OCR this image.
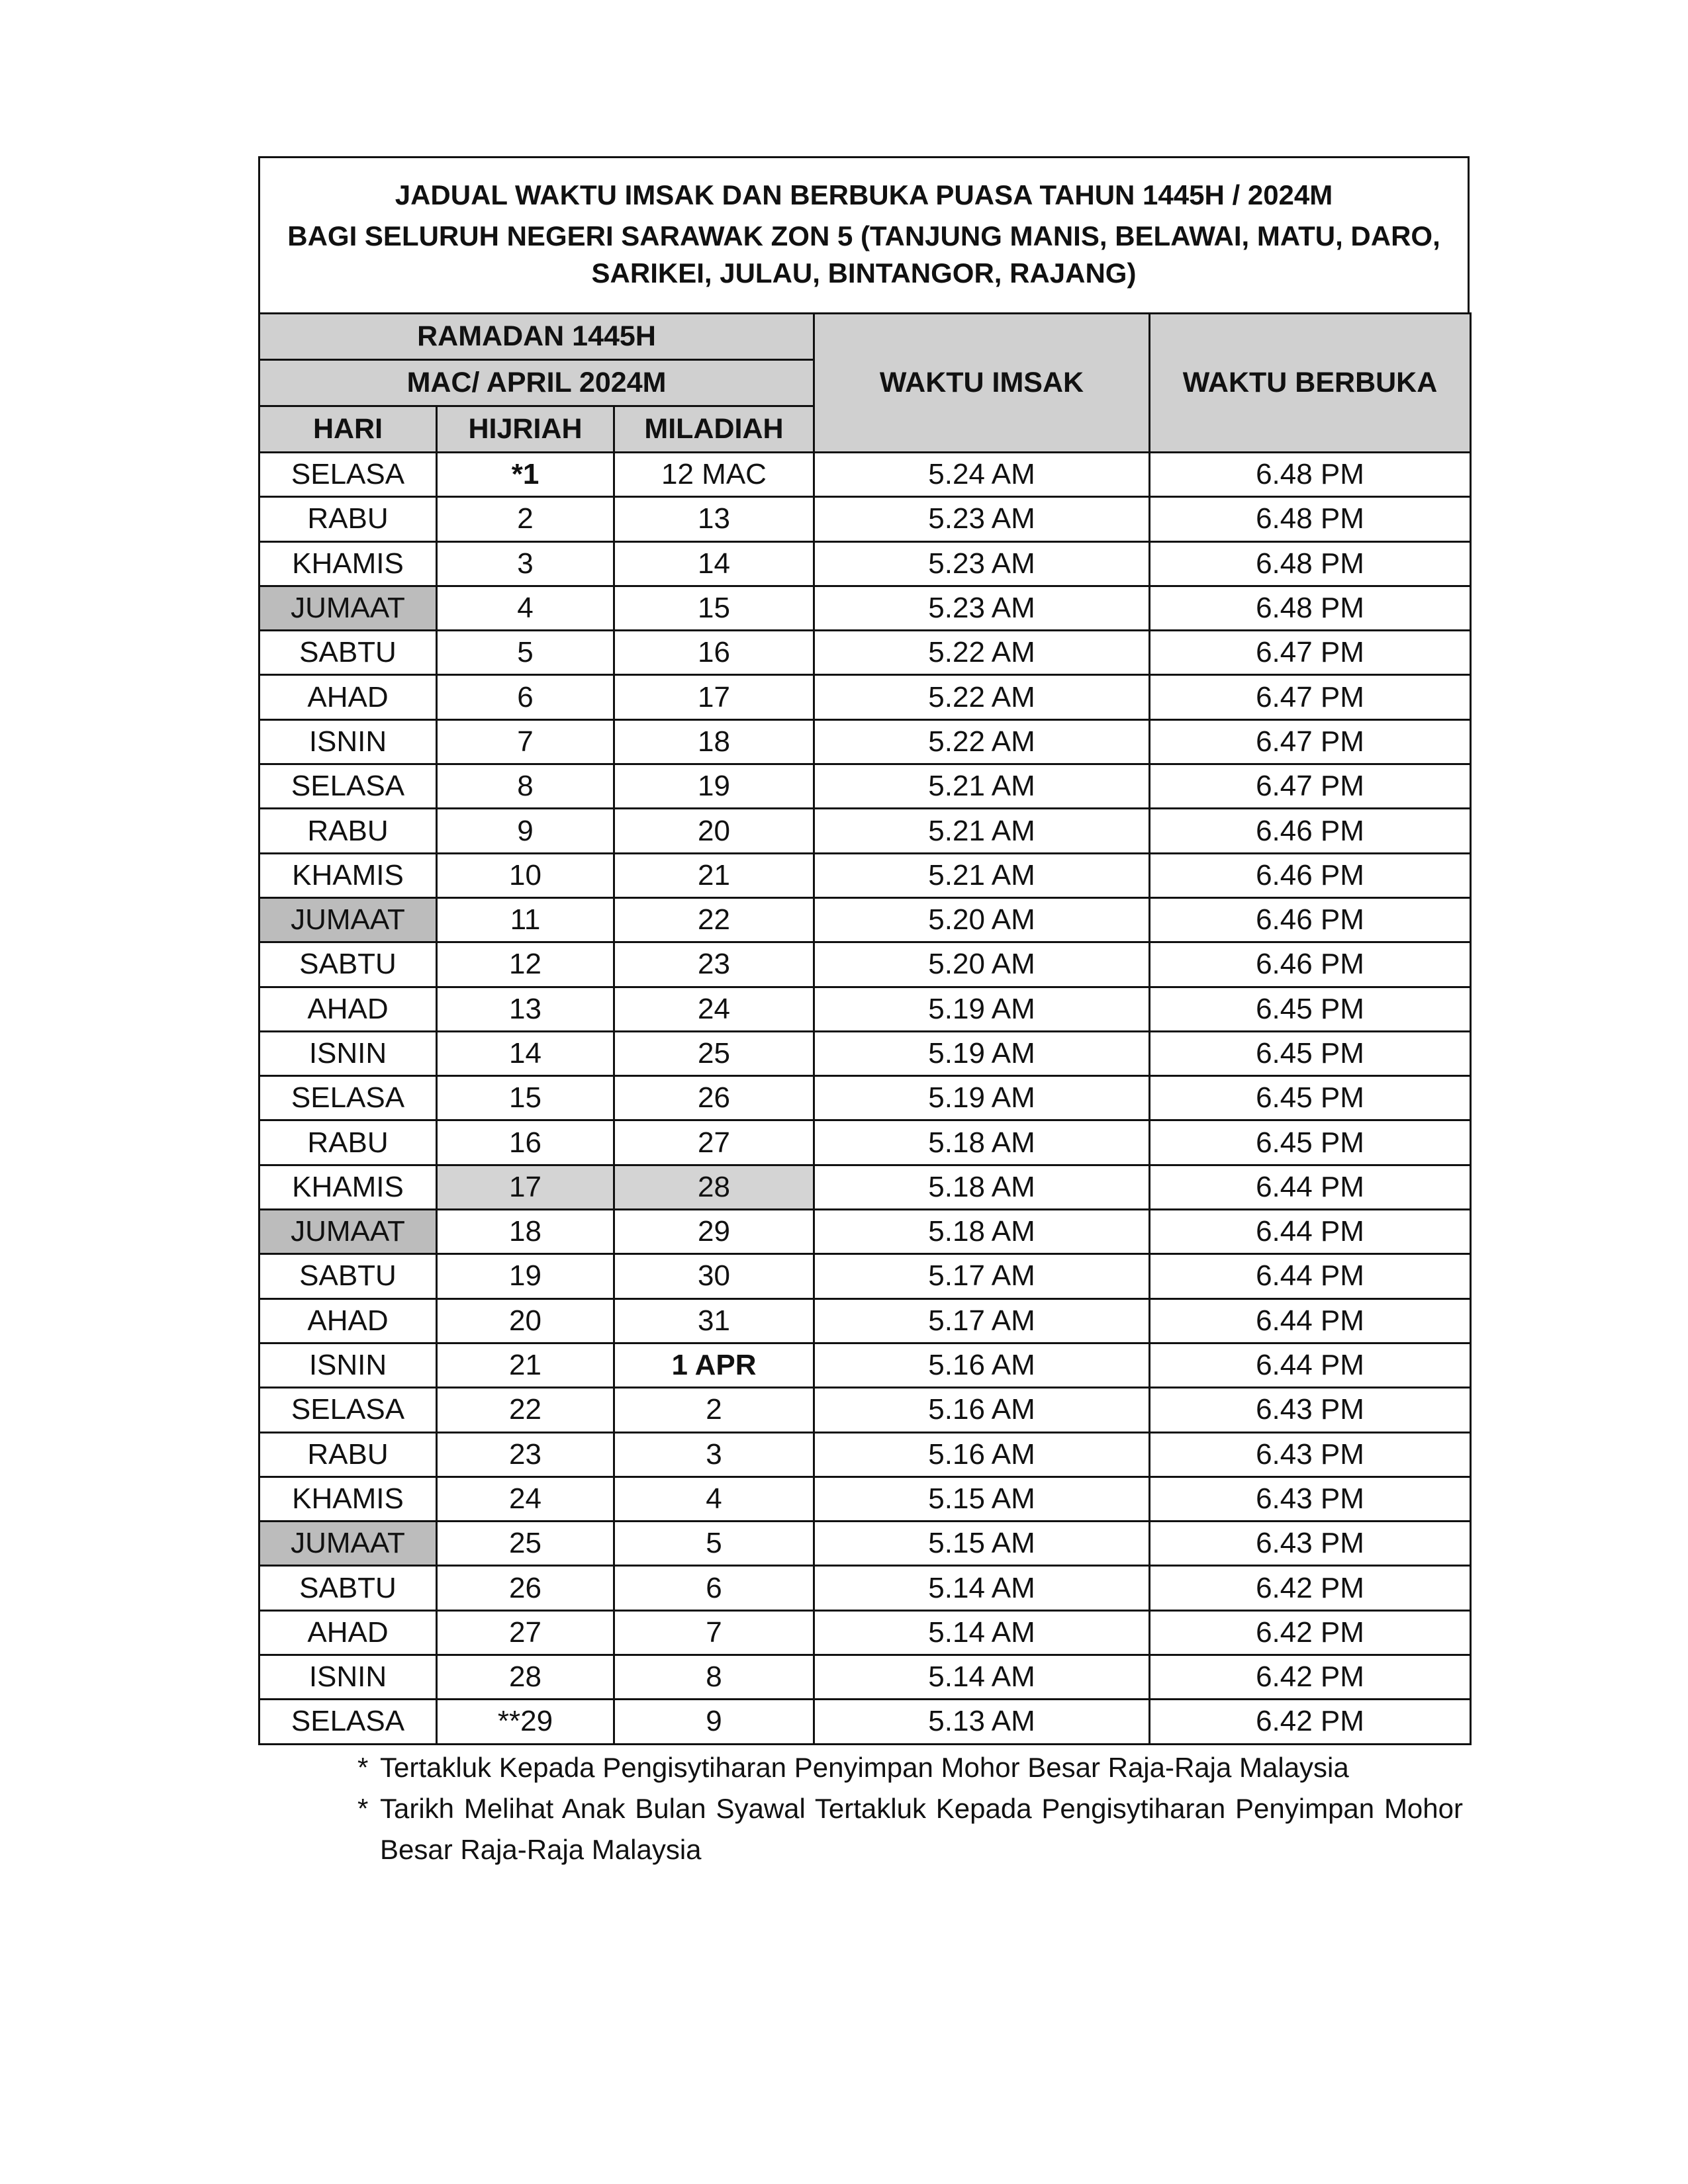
JADUAL WAKTU IMSAK DAN BERBUKA PUASA TAHUN 1445H / 2024M
BAGI SELURUH NEGERI SARAWAK ZON 5 (TANJUNG MANIS, BELAWAI, MATU, DARO, SARIKEI, JULAU, BINTANGOR, RAJANG)
RAMADAN 1445H			WAKTU IMSAK	WAKTU BERBUKA
MAC/ APRIL 2024M				
HARI	HIJRIAH	MILADIAH		
SELASA	*1	12 MAC	5.24 AM	6.48 PM
RABU	2	13	5.23 AM	6.48 PM
KHAMIS	3	14	5.23 AM	6.48 PM
JUMAAT	4	15	5.23 AM	6.48 PM
SABTU	5	16	5.22 AM	6.47 PM
AHAD	6	17	5.22 AM	6.47 PM
ISNIN	7	18	5.22 AM	6.47 PM
SELASA	8	19	5.21 AM	6.47 PM
RABU	9	20	5.21 AM	6.46 PM
KHAMIS	10	21	5.21 AM	6.46 PM
JUMAAT	11	22	5.20 AM	6.46 PM
SABTU	12	23	5.20 AM	6.46 PM
AHAD	13	24	5.19 AM	6.45 PM
ISNIN	14	25	5.19 AM	6.45 PM
SELASA	15	26	5.19 AM	6.45 PM
RABU	16	27	5.18 AM	6.45 PM
KHAMIS	17	28	5.18 AM	6.44 PM
JUMAAT	18	29	5.18 AM	6.44 PM
SABTU	19	30	5.17 AM	6.44 PM
AHAD	20	31	5.17 AM	6.44 PM
ISNIN	21	1 APR	5.16 AM	6.44 PM
SELASA	22	2	5.16 AM	6.43 PM
RABU	23	3	5.16 AM	6.43 PM
KHAMIS	24	4	5.15 AM	6.43 PM
JUMAAT	25	5	5.15 AM	6.43 PM
SABTU	26	6	5.14 AM	6.42 PM
AHAD	27	7	5.14 AM	6.42 PM
ISNIN	28	8	5.14 AM	6.42 PM
SELASA	**29	9	5.13 AM	6.42 PM
* Tertakluk Kepada Pengisytiharan Penyimpan Mohor Besar Raja-Raja Malaysia
* Tarikh Melihat Anak Bulan Syawal Tertakluk Kepada Pengisytiharan Penyimpan Mohor Besar Raja-Raja Malaysia
